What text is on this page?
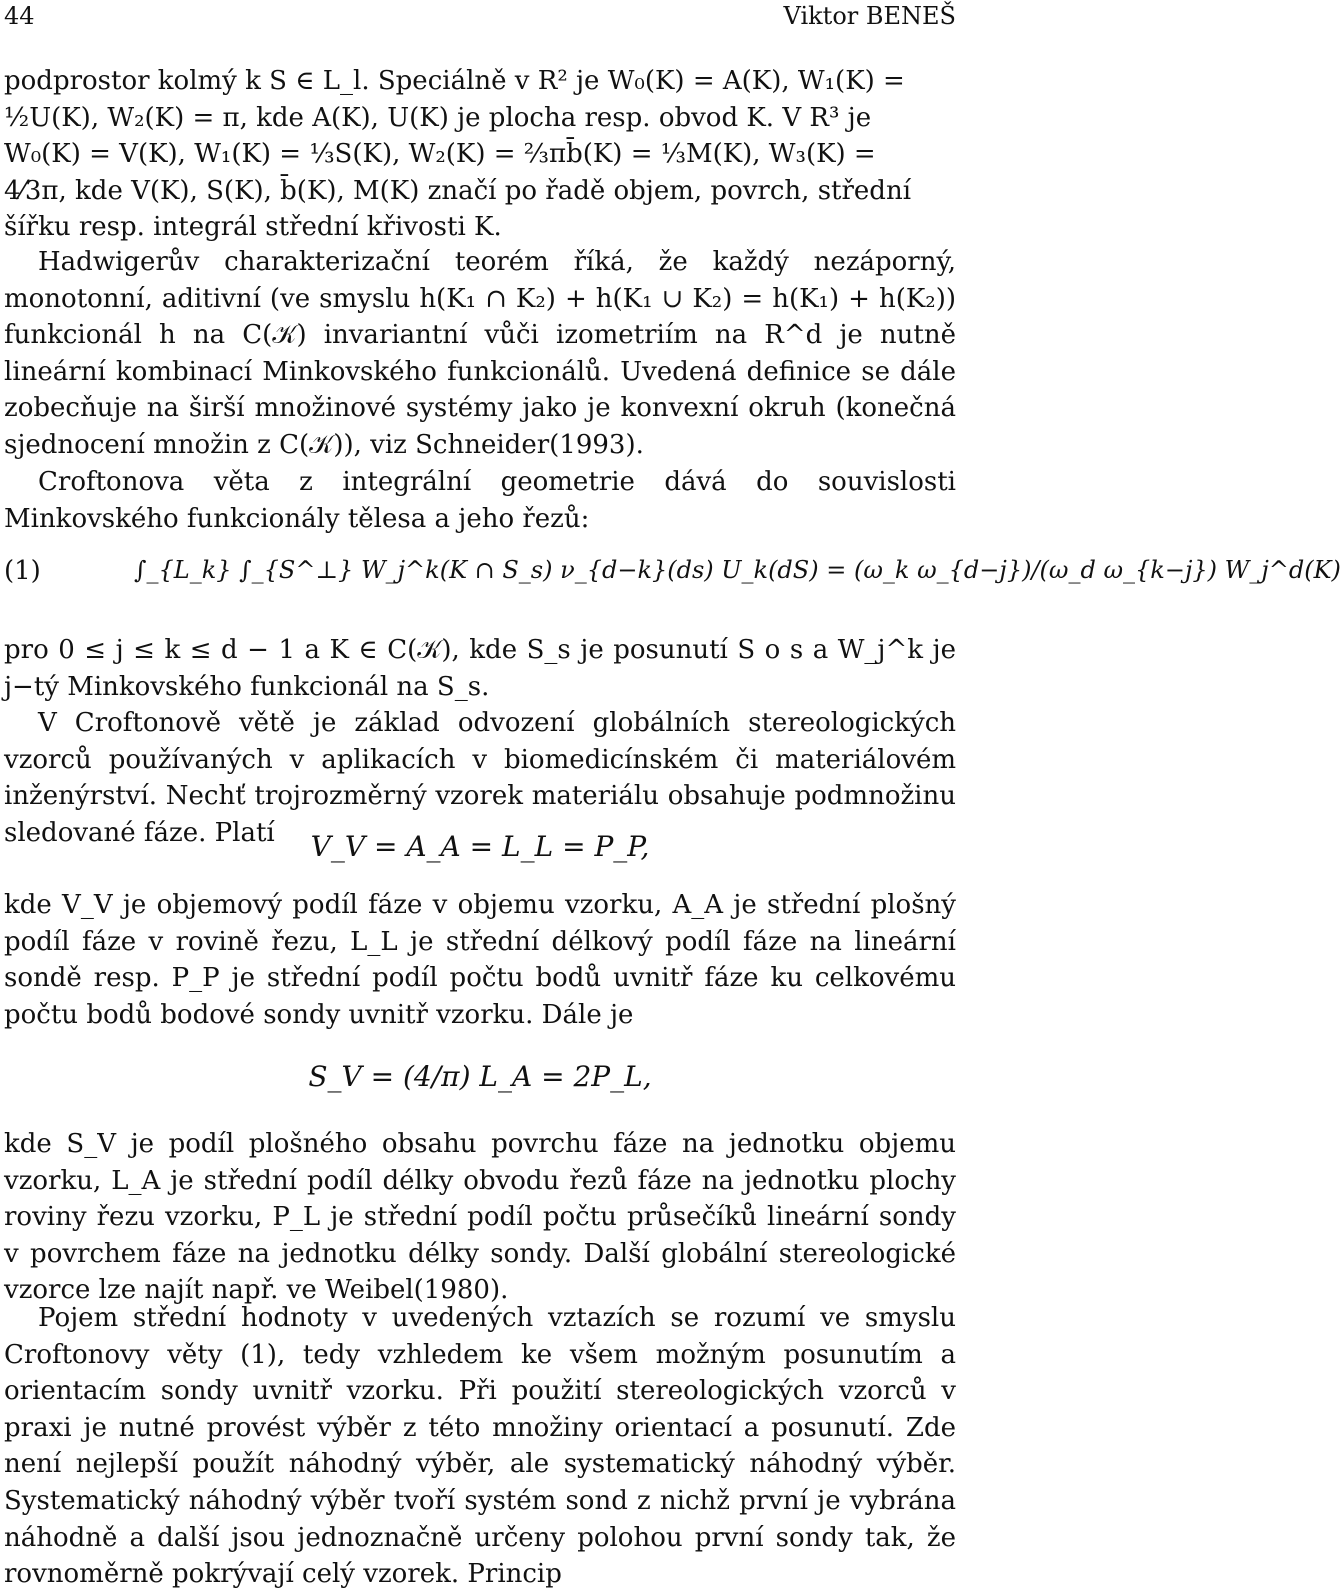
44	Viktor BENEŠ
podprostor kolmý k S ∈ L_l. Speciálně v R² je W₀(K) = A(K), W₁(K) =
½U(K), W₂(K) = π, kde A(K), U(K) je plocha resp. obvod K. V R³ je
W₀(K) = V(K), W₁(K) = ⅓S(K), W₂(K) = ⅔πb̄(K) = ⅓M(K), W₃(K) =
4⁄3π, kde V(K), S(K), b̄(K), M(K) značí po řadě objem, povrch, střední
šířku resp. integrál střední křivosti K.

Hadwigerův charakterizační teorém říká, že každý nezáporný, monotonní, aditivní (ve smyslu h(K₁ ∩ K₂) + h(K₁ ∪ K₂) = h(K₁) + h(K₂)) funkcionál h na C(𝒦) invariantní vůči izometriím na R^d je nutně lineární kombinací Minkovského funkcionálů. Uvedená definice se dále zobecňuje na širší množinové systémy jako je konvexní okruh (konečná sjednocení množin z C(𝒦)), viz Schneider(1993).

Croftonova věta z integrální geometrie dává do souvislosti Minkovského funkcionály tělesa a jeho řezů:

(1)	∫_{L_k} ∫_{S^⊥} W_j^k(K ∩ S_s) ν_{d−k}(ds) U_k(dS) = (ω_k ω_{d−j})/(ω_d ω_{k−j}) W_j^d(K)

pro 0 ≤ j ≤ k ≤ d − 1 a K ∈ C(𝒦), kde S_s je posunutí S o s a W_j^k je j−tý Minkovského funkcionál na S_s.

V Croftonově větě je základ odvození globálních stereologických vzorců používaných v aplikacích v biomedicínském či materiálovém inženýrství. Nechť trojrozměrný vzorek materiálu obsahuje podmnožinu sledované fáze. Platí	V_V = A_A = L_L = P_P,

kde V_V je objemový podíl fáze v objemu vzorku, A_A je střední plošný podíl fáze v rovině řezu, L_L je střední délkový podíl fáze na lineární sondě resp. P_P je střední podíl počtu bodů uvnitř fáze ku celkovému počtu bodů bodové sondy uvnitř vzorku. Dále je

S_V = (4/π) L_A = 2P_L,

kde S_V je podíl plošného obsahu povrchu fáze na jednotku objemu vzorku, L_A je střední podíl délky obvodu řezů fáze na jednotku plochy roviny řezu vzorku, P_L je střední podíl počtu průsečíků lineární sondy v povrchem fáze na jednotku délky sondy. Další globální stereologické vzorce lze najít např. ve Weibel(1980).

Pojem střední hodnoty v uvedených vztazích se rozumí ve smyslu Croftonovy věty (1), tedy vzhledem ke všem možným posunutím a orientacím sondy uvnitř vzorku. Při použití stereologických vzorců v praxi je nutné provést výběr z této množiny orientací a posunutí. Zde není nejlepší použít náhodný výběr, ale systematický náhodný výběr. Systematický náhodný výběr tvoří systém sond z nichž první je vybrána náhodně a další jsou jednoznačně určeny polohou první sondy tak, že rovnoměrně pokrývají celý vzorek. Princip
